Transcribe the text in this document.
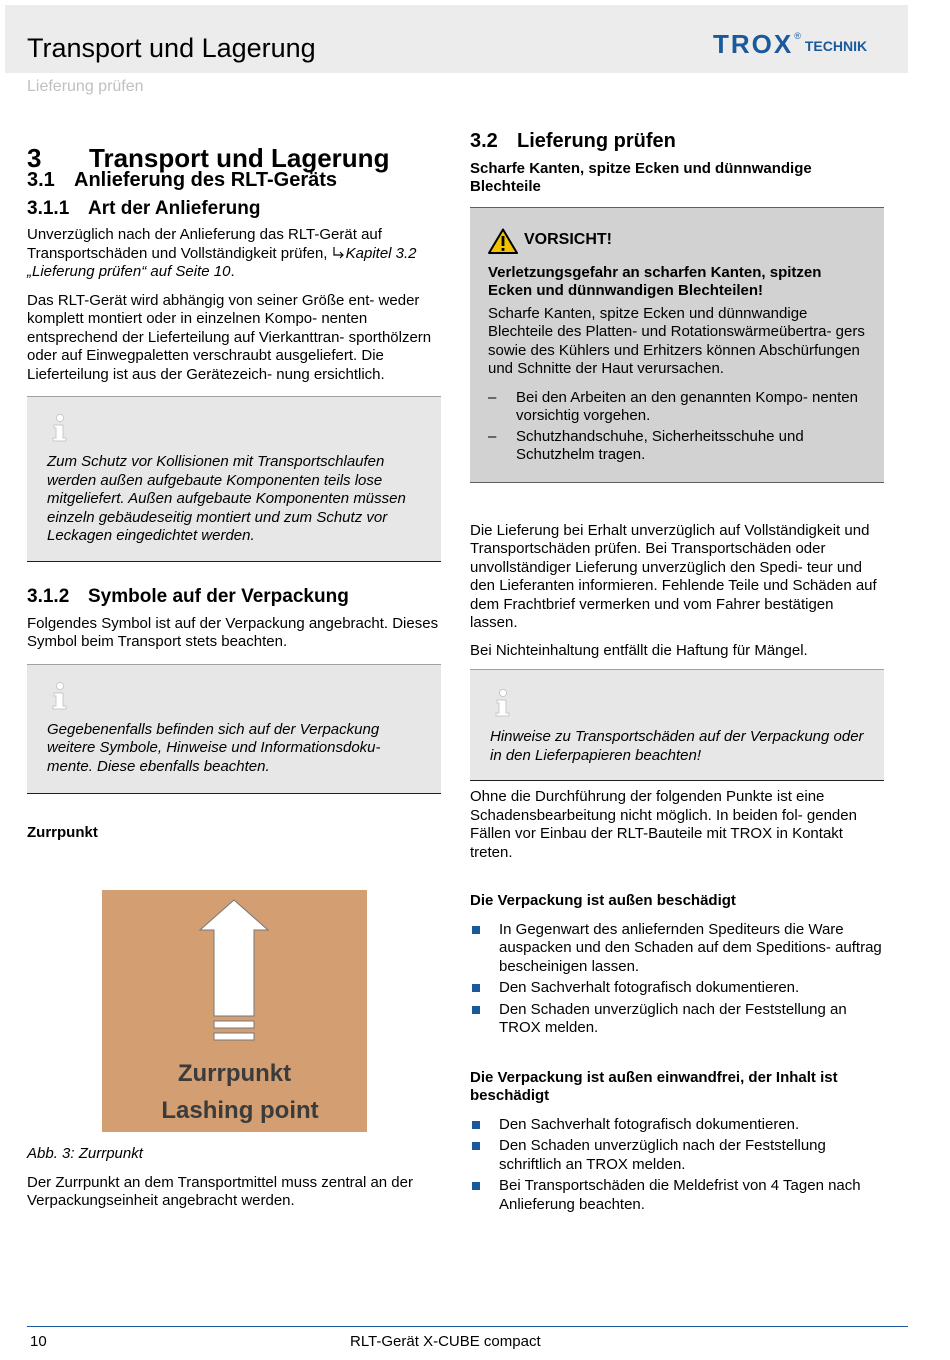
Transport und Lagerung	TROX ®
TECHNIK
Lieferung prüfen
3	Transport und Lagerung
3.1 Anlieferung des RLT-Geräts
3.1.1 Art der Anlieferung

Unverzüglich nach der Anlieferung das RLT-Gerät auf Transportschäden und Vollständigkeit prüfen, Kapitel 3.2 „Lieferung prüfen“ auf Seite 10.

Das RLT-Gerät wird abhängig von seiner Größe ent- weder komplett montiert oder in einzelnen Kompo- nenten entsprechend der Lieferteilung auf Vierkanttran- sporthölzern oder auf Einwegpaletten verschraubt ausgeliefert. Die Lieferteilung ist aus der Gerätezeich- nung ersichtlich.

Zum Schutz vor Kollisionen mit Transportschlaufen werden außen aufgebaute Komponenten teils lose mitgeliefert. Außen aufgebaute Komponenten müssen einzeln gebäudeseitig montiert und zum Schutz vor Leckagen eingedichtet werden.
3.1.2 Symbole auf der Verpackung

Folgendes Symbol ist auf der Verpackung angebracht. Dieses Symbol beim Transport stets beachten.

Gegebenenfalls befinden sich auf der Verpackung weitere Symbole, Hinweise und Informationsdoku- mente. Diese ebenfalls beachten.
Zurrpunkt
Zurrpunkt
Lashing point
Abb. 3: Zurrpunkt

Der Zurrpunkt an dem Transportmittel muss zentral an der Verpackungseinheit angebracht werden.

3.2 Lieferung prüfen

Scharfe Kanten, spitze Ecken und dünnwandige Blechteile

VORSICHT!
Verletzungsgefahr an scharfen Kanten, spitzen Ecken und dünnwandigen Blechteilen!

Scharfe Kanten, spitze Ecken und dünnwandige Blechteile des Platten- und Rotationswärmeübertra- gers sowie des Kühlers und Erhitzers können Abschürfungen und Schnitte der Haut verursachen.

–	Bei den Arbeiten an den genannten Kompo- nenten vorsichtig vorgehen.
–	Schutzhandschuhe, Sicherheitsschuhe und Schutzhelm tragen.

Die Lieferung bei Erhalt unverzüglich auf Vollständigkeit und Transportschäden prüfen. Bei Transportschäden oder unvollständiger Lieferung unverzüglich den Spedi- teur und den Lieferanten informieren. Fehlende Teile und Schäden auf dem Frachtbrief vermerken und vom Fahrer bestätigen lassen.

Bei Nichteinhaltung entfällt die Haftung für Mängel.

Hinweise zu Transportschäden auf der Verpackung oder in den Lieferpapieren beachten!

Ohne die Durchführung der folgenden Punkte ist eine Schadensbearbeitung nicht möglich. In beiden fol- genden Fällen vor Einbau der RLT-Bauteile mit TROX in Kontakt treten.

Die Verpackung ist außen beschädigt

In Gegenwart des anliefernden Spediteurs die Ware auspacken und den Schaden auf dem Speditions- auftrag bescheinigen lassen.
Den Sachverhalt fotografisch dokumentieren.
Den Schaden unverzüglich nach der Feststellung an TROX melden.

Die Verpackung ist außen einwandfrei, der Inhalt ist beschädigt

Den Sachverhalt fotografisch dokumentieren.
Den Schaden unverzüglich nach der Feststellung schriftlich an TROX melden.
Bei Transportschäden die Meldefrist von 4 Tagen nach Anlieferung beachten.
10	RLT-Gerät X-CUBE compact
